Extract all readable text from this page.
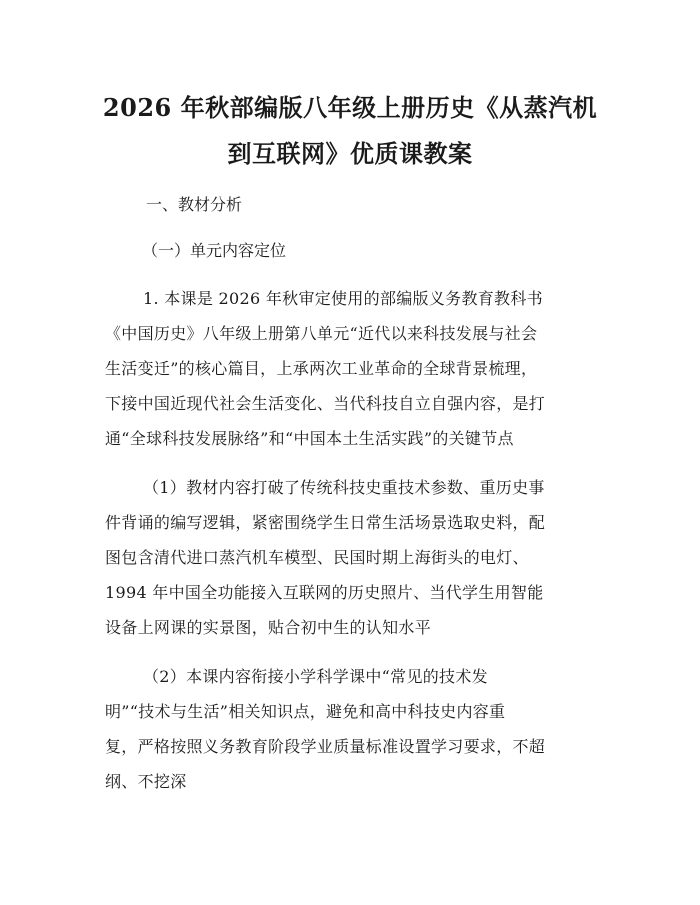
2026 年秋部编版八年级上册历史《从蒸汽机
到互联网》优质课教案
一、教材分析
（一）单元内容定位
1. 本课是 2026 年秋审定使用的部编版义务教育教科书
《中国历史》八年级上册第八单元“近代以来科技发展与社会
生活变迁”的核心篇目，上承两次工业革命的全球背景梳理，
下接中国近现代社会生活变化、当代科技自立自强内容，是打
通“全球科技发展脉络”和“中国本土生活实践”的关键节点
（1）教材内容打破了传统科技史重技术参数、重历史事
件背诵的编写逻辑，紧密围绕学生日常生活场景选取史料，配
图包含清代进口蒸汽机车模型、民国时期上海街头的电灯、
1994 年中国全功能接入互联网的历史照片、当代学生用智能
设备上网课的实景图，贴合初中生的认知水平
（2）本课内容衔接小学科学课中“常见的技术发
明”“技术与生活”相关知识点，避免和高中科技史内容重
复，严格按照义务教育阶段学业质量标准设置学习要求，不超
纲、不挖深
